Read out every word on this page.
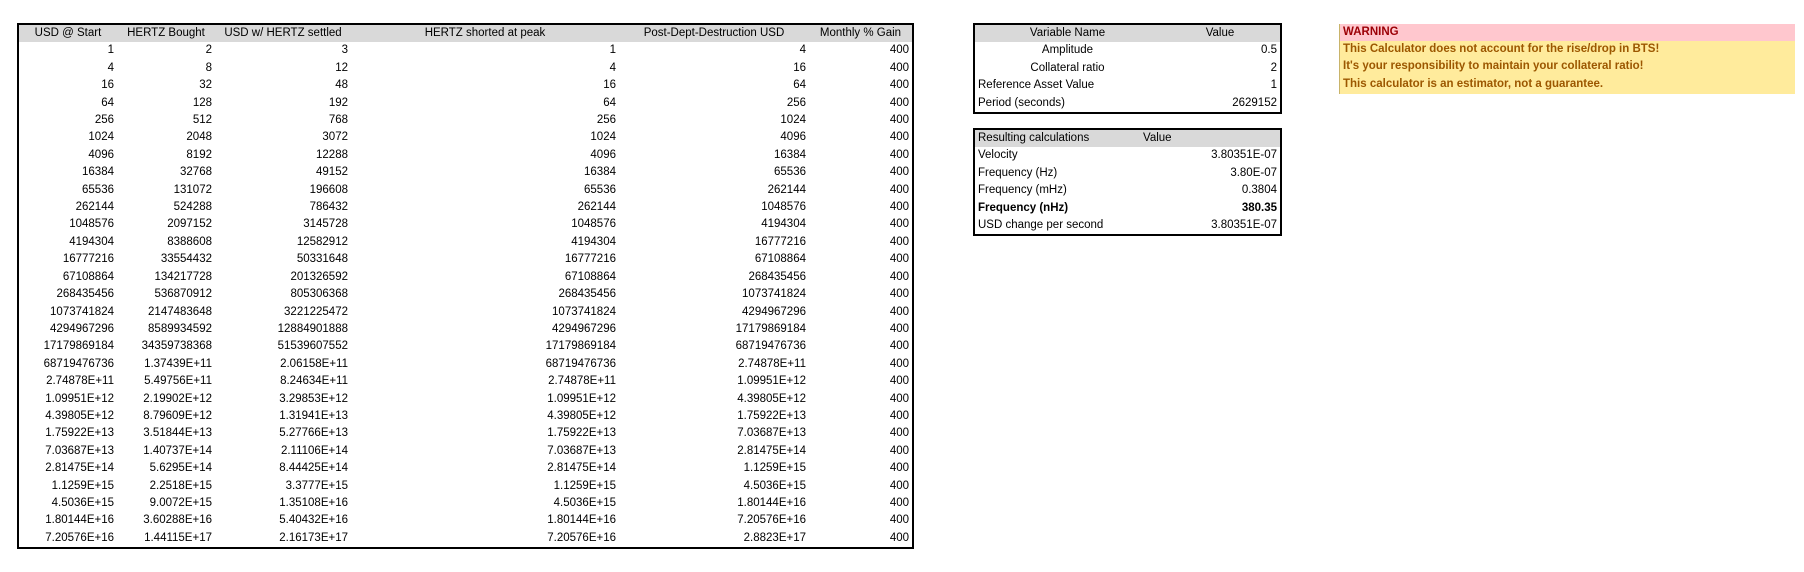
USD @ Start	HERTZ Bought	USD w/ HERTZ settled	HERTZ shorted at peak	Post-Dept-Destruction USD	Monthly % Gain
1	2	3	1	4	400
4	8	12	4	16	400
16	32	48	16	64	400
64	128	192	64	256	400
256	512	768	256	1024	400
1024	2048	3072	1024	4096	400
4096	8192	12288	4096	16384	400
16384	32768	49152	16384	65536	400
65536	131072	196608	65536	262144	400
262144	524288	786432	262144	1048576	400
1048576	2097152	3145728	1048576	4194304	400
4194304	8388608	12582912	4194304	16777216	400
16777216	33554432	50331648	16777216	67108864	400
67108864	134217728	201326592	67108864	268435456	400
268435456	536870912	805306368	268435456	1073741824	400
1073741824	2147483648	3221225472	1073741824	4294967296	400
4294967296	8589934592	12884901888	4294967296	17179869184	400
17179869184	34359738368	51539607552	17179869184	68719476736	400
68719476736	1.37439E+11	2.06158E+11	68719476736	2.74878E+11	400
2.74878E+11	5.49756E+11	8.24634E+11	2.74878E+11	1.09951E+12	400
1.09951E+12	2.19902E+12	3.29853E+12	1.09951E+12	4.39805E+12	400
4.39805E+12	8.79609E+12	1.31941E+13	4.39805E+12	1.75922E+13	400
1.75922E+13	3.51844E+13	5.27766E+13	1.75922E+13	7.03687E+13	400
7.03687E+13	1.40737E+14	2.11106E+14	7.03687E+13	2.81475E+14	400
2.81475E+14	5.6295E+14	8.44425E+14	2.81475E+14	1.1259E+15	400
1.1259E+15	2.2518E+15	3.3777E+15	1.1259E+15	4.5036E+15	400
4.5036E+15	9.0072E+15	1.35108E+16	4.5036E+15	1.80144E+16	400
1.80144E+16	3.60288E+16	5.40432E+16	1.80144E+16	7.20576E+16	400
7.20576E+16	1.44115E+17	2.16173E+17	7.20576E+16	2.8823E+17	400
Variable Name	Value
Amplitude	0.5
Collateral ratio	2
Reference Asset Value	1
Period (seconds)	2629152
Resulting calculations	Value
Velocity	3.80351E-07
Frequency (Hz)	3.80E-07
Frequency (mHz)	0.3804
Frequency (nHz)	380.35
USD change per second	3.80351E-07
WARNING
This Calculator does not account for the rise/drop in BTS!
It's your responsibility to maintain your collateral ratio!
This calculator is an estimator, not a guarantee.
